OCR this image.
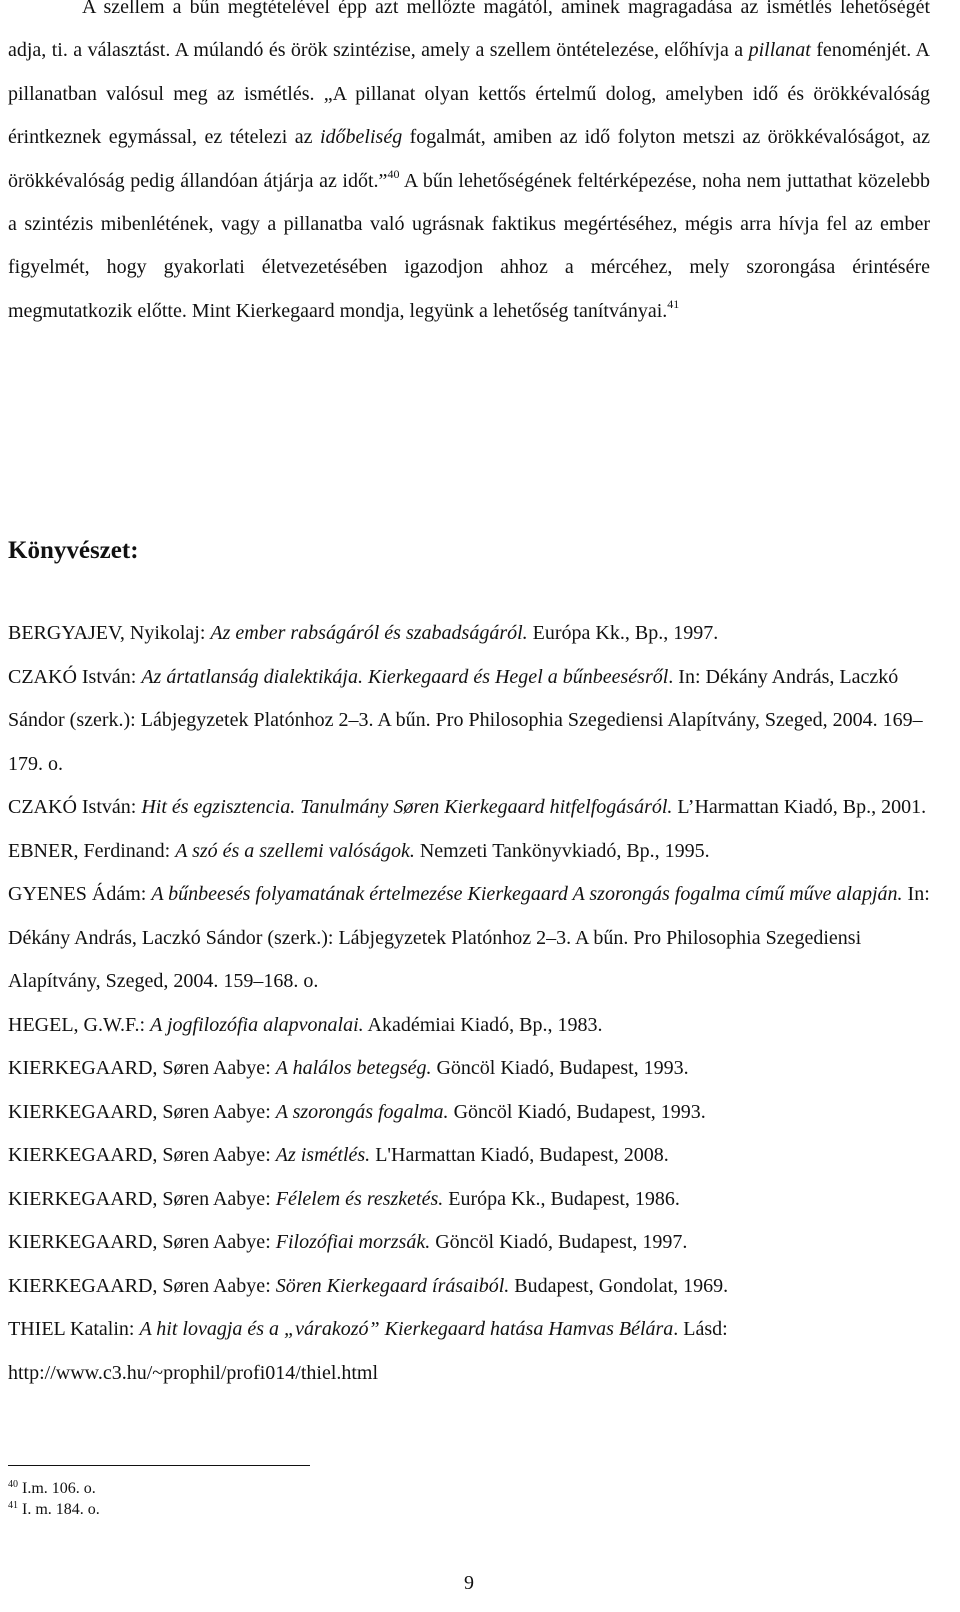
A szellem a bűn megtételével épp azt mellőzte magától, aminek magragadása az ismétlés lehetőségét adja, ti. a választást. A múlandó és örök szintézise, amely a szellem öntételezése, előhívja a pillanat fenoménjét. A pillanatban valósul meg az ismétlés. „A pillanat olyan kettős értelmű dolog, amelyben idő és örökkévalóság érintkeznek egymással, ez tételezi az időbeliség fogalmát, amiben az idő folyton metszi az örökkévalóságot, az örökkévalóság pedig állandóan átjárja az időt.”$^{40}$ A bűn lehetőségének feltérképezése, noha nem juttathat közelebb a szintézis mibenlétének, vagy a pillanatba való ugrásnak faktikus megértéséhez, mégis arra hívja fel az ember figyelmét, hogy gyakorlati életvezetésében igazodjon ahhoz a mércéhez, mely szorongása érintésére megmutatkozik előtte. Mint Kierkegaard mondja, legyünk a lehetőség tanítványai.$^{41}$

Könyvészet:
BERGYAJEV, Nyikolaj: Az ember rabságáról és szabadságáról. Európa Kk., Bp., 1997.
CZAKÓ István: Az ártatlanság dialektikája. Kierkegaard és Hegel a bűnbeesésről. In: Dékány András, Laczkó Sándor (szerk.): Lábjegyzetek Platónhoz 2–3. A bűn. Pro Philosophia Szegediensi Alapítvány, Szeged, 2004. 169–179. o.
CZAKÓ István: Hit és egzisztencia. Tanulmány Søren Kierkegaard hitfelfogásáról. L’Harmattan Kiadó, Bp., 2001.
EBNER, Ferdinand: A szó és a szellemi valóságok. Nemzeti Tankönyvkiadó, Bp., 1995.
GYENES Ádám: A bűnbeesés folyamatának értelmezése Kierkegaard A szorongás fogalma című műve alapján. In: Dékány András, Laczkó Sándor (szerk.): Lábjegyzetek Platónhoz 2–3. A bűn. Pro Philosophia Szegediensi Alapítvány, Szeged, 2004. 159–168. o.
HEGEL, G.W.F.: A jogfilozófia alapvonalai. Akadémiai Kiadó, Bp., 1983.
KIERKEGAARD, Søren Aabye: A halálos betegség. Göncöl Kiadó, Budapest, 1993.
KIERKEGAARD, Søren Aabye: A szorongás fogalma. Göncöl Kiadó, Budapest, 1993.
KIERKEGAARD, Søren Aabye: Az ismétlés. L'Harmattan Kiadó, Budapest, 2008.
KIERKEGAARD, Søren Aabye: Félelem és reszketés. Európa Kk., Budapest, 1986.
KIERKEGAARD, Søren Aabye: Filozófiai morzsák. Göncöl Kiadó, Budapest, 1997.
KIERKEGAARD, Søren Aabye: Sören Kierkegaard írásaiból. Budapest, Gondolat, 1969.
THIEL Katalin: A hit lovagja és a „várakozó” Kierkegaard hatása Hamvas Bélára. Lásd: http://www.c3.hu/~prophil/profi014/thiel.html
$^{40}$ I.m. 106. o.
$^{41}$ I. m. 184. o.
9
